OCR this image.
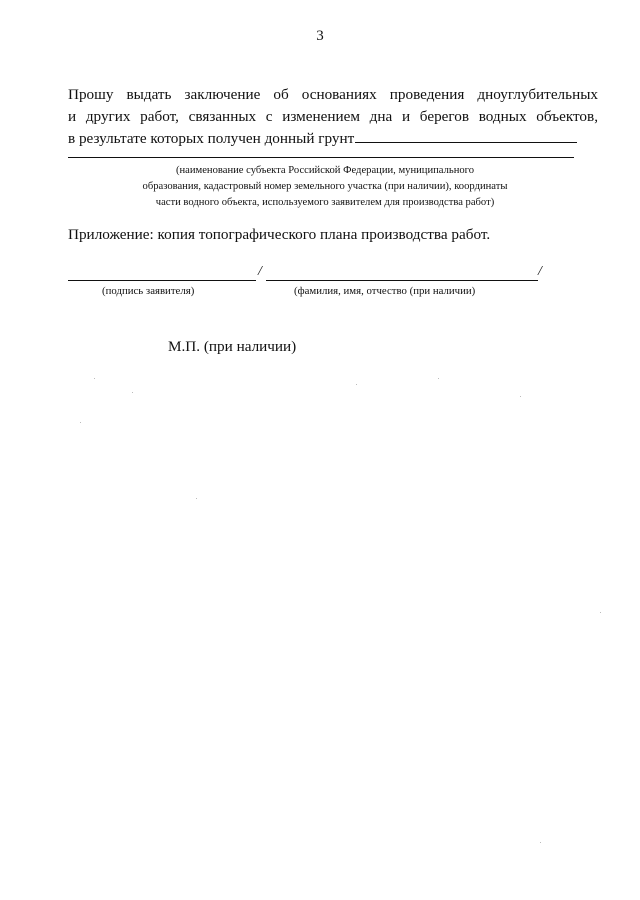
3
Прошу выдать заключение об основаниях проведения дноуглубительных
и других работ, связанных с изменением дна и берегов водных объектов,
в результате которых получен донный грунт
(наименование субъекта Российской Федерации, муниципального
образования, кадастровый номер земельного участка (при наличии), координаты
части водного объекта, используемого заявителем для производства работ)
Приложение: копия топографического плана производства работ.
/	/
(подпись заявителя)	(фамилия, имя, отчество (при наличии)
М.П. (при наличии)
